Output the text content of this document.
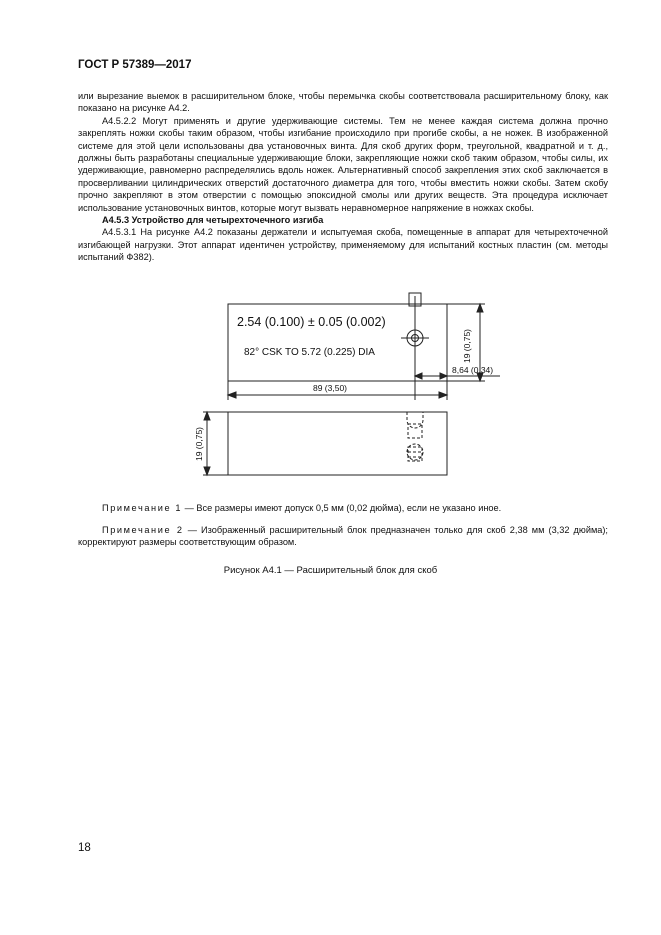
ГОСТ Р 57389—2017

или вырезание выемок в расширительном блоке, чтобы перемычка скобы соответствовала расширительному блоку, как показано на рисунке А4.2.

А4.5.2.2 Могут применять и другие удерживающие системы. Тем не менее каждая система должна прочно закреплять ножки скобы таким образом, чтобы изгибание происходило при прогибе скобы, а не ножек. В изображенной системе для этой цели использованы два установочных винта. Для скоб других форм, треугольной, квадратной и т. д., должны быть разработаны специальные удерживающие блоки, закрепляющие ножки скоб таким образом, чтобы силы, их удерживающие, равномерно распределялись вдоль ножек. Альтернативный способ закрепления этих скоб заключается в просверливании цилиндрических отверстий достаточного диаметра для того, чтобы вместить ножки скобы. Затем скобу прочно закрепляют в этом отверстии с помощью эпоксидной смолы или других веществ. Эта процедура исключает использование установочных винтов, которые могут вызвать неравномерное напряжение в ножках скобы.

А4.5.3 Устройство для четырехточечного изгиба

А4.5.3.1 На рисунке А4.2 показаны держатели и испытуемая скоба, помещенные в аппарат для четырехточечной изгибающей нагрузки. Этот аппарат идентичен устройству, применяемому для испытаний костных пластин (см. методы испытаний Ф382).

2.54 (0.100) ± 0.05 (0.002)
82° CSK TO 5.72 (0.225) DIA	19 (0,75)
8,64 (0,34)
89 (3,50)
19 (0,75)
Примечание 1 — Все размеры имеют допуск 0,5 мм (0,02 дюйма), если не указано иное.
Примечание 2 — Изображенный расширительный блок предназначен только для скоб 2,38 мм (3,32 дюйма); корректируют размеры соответствующим образом.
Рисунок А4.1 — Расширительный блок для скоб
18
